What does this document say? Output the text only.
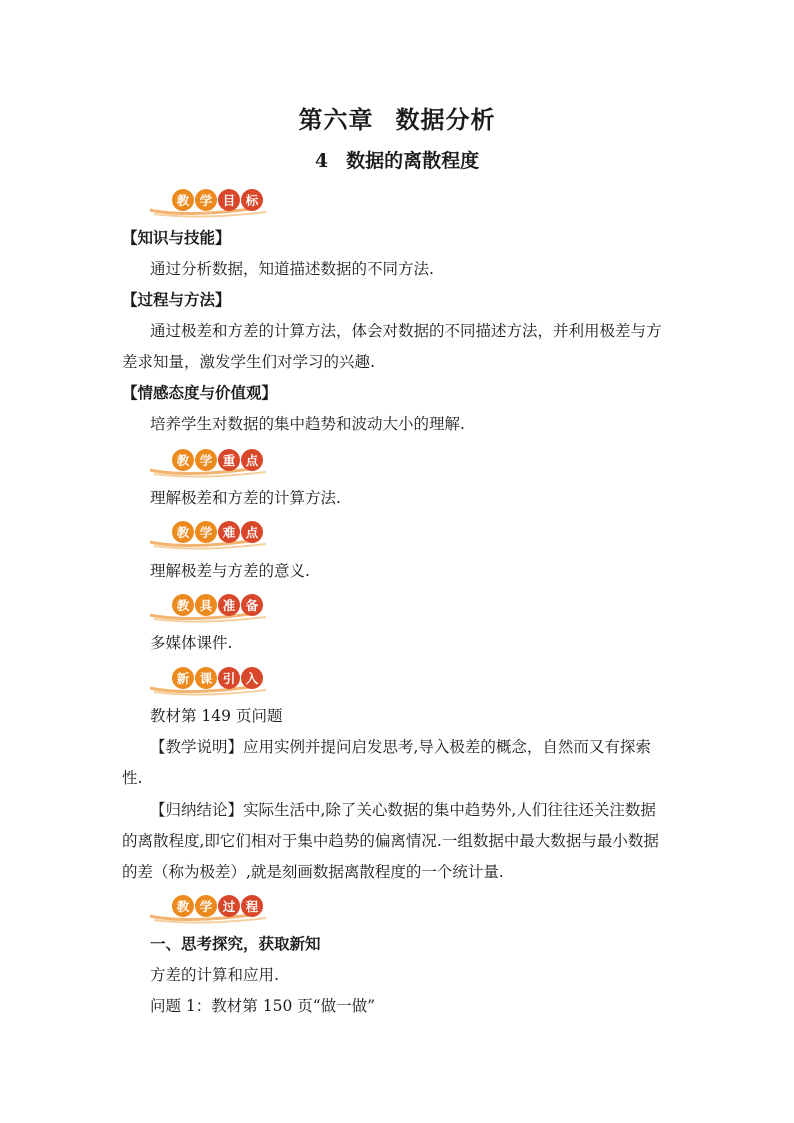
第六章 数据分析
4 数据的离散程度
教 学 目 标
【知识与技能】
通过分析数据，知道描述数据的不同方法.
【过程与方法】
通过极差和方差的计算方法，体会对数据的不同描述方法，并利用极差与方
差求知量，激发学生们对学习的兴趣.
【情感态度与价值观】
培养学生对数据的集中趋势和波动大小的理解.
教 学 重 点
理解极差和方差的计算方法.
教 学 难 点
理解极差与方差的意义.
教 具 准 备
多媒体课件.
新 课 引 入
教材第 149 页问题
【教学说明】应用实例并提问启发思考,导入极差的概念，自然而又有探索
性.
【归纳结论】实际生活中,除了关心数据的集中趋势外,人们往往还关注数据
的离散程度,即它们相对于集中趋势的偏离情况.一组数据中最大数据与最小数据
的差（称为极差）,就是刻画数据离散程度的一个统计量.
教 学 过 程
一、思考探究，获取新知
方差的计算和应用.
问题 1：教材第 150 页“做一做”
